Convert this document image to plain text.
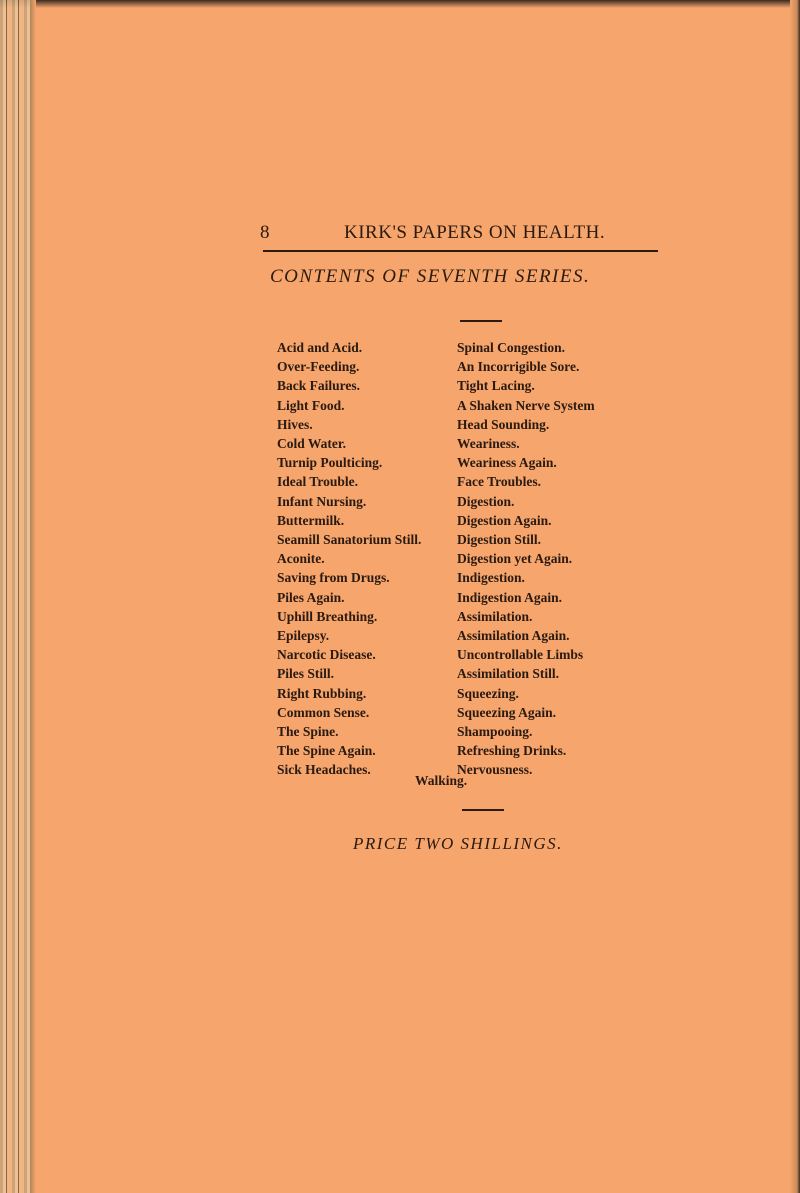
8	KIRK'S PAPERS ON HEALTH.
CONTENTS OF SEVENTH SERIES.
Acid and Acid.
Over-Feeding.
Back Failures.
Light Food.
Hives.
Cold Water.
Turnip Poulticing.
Ideal Trouble.
Infant Nursing.
Buttermilk.
Seamill Sanatorium Still.
Aconite.
Saving from Drugs.
Piles Again.
Uphill Breathing.
Epilepsy.
Narcotic Disease.
Piles Still.
Right Rubbing.
Common Sense.
The Spine.
The Spine Again.
Sick Headaches.
Spinal Congestion.
An Incorrigible Sore.
Tight Lacing.
A Shaken Nerve System
Head Sounding.
Weariness.
Weariness Again.
Face Troubles.
Digestion.
Digestion Again.
Digestion Still.
Digestion yet Again.
Indigestion.
Indigestion Again.
Assimilation.
Assimilation Again.
Uncontrollable Limbs
Assimilation Still.
Squeezing.
Squeezing Again.
Shampooing.
Refreshing Drinks.
Nervousness.
Walking.
PRICE TWO SHILLINGS.
